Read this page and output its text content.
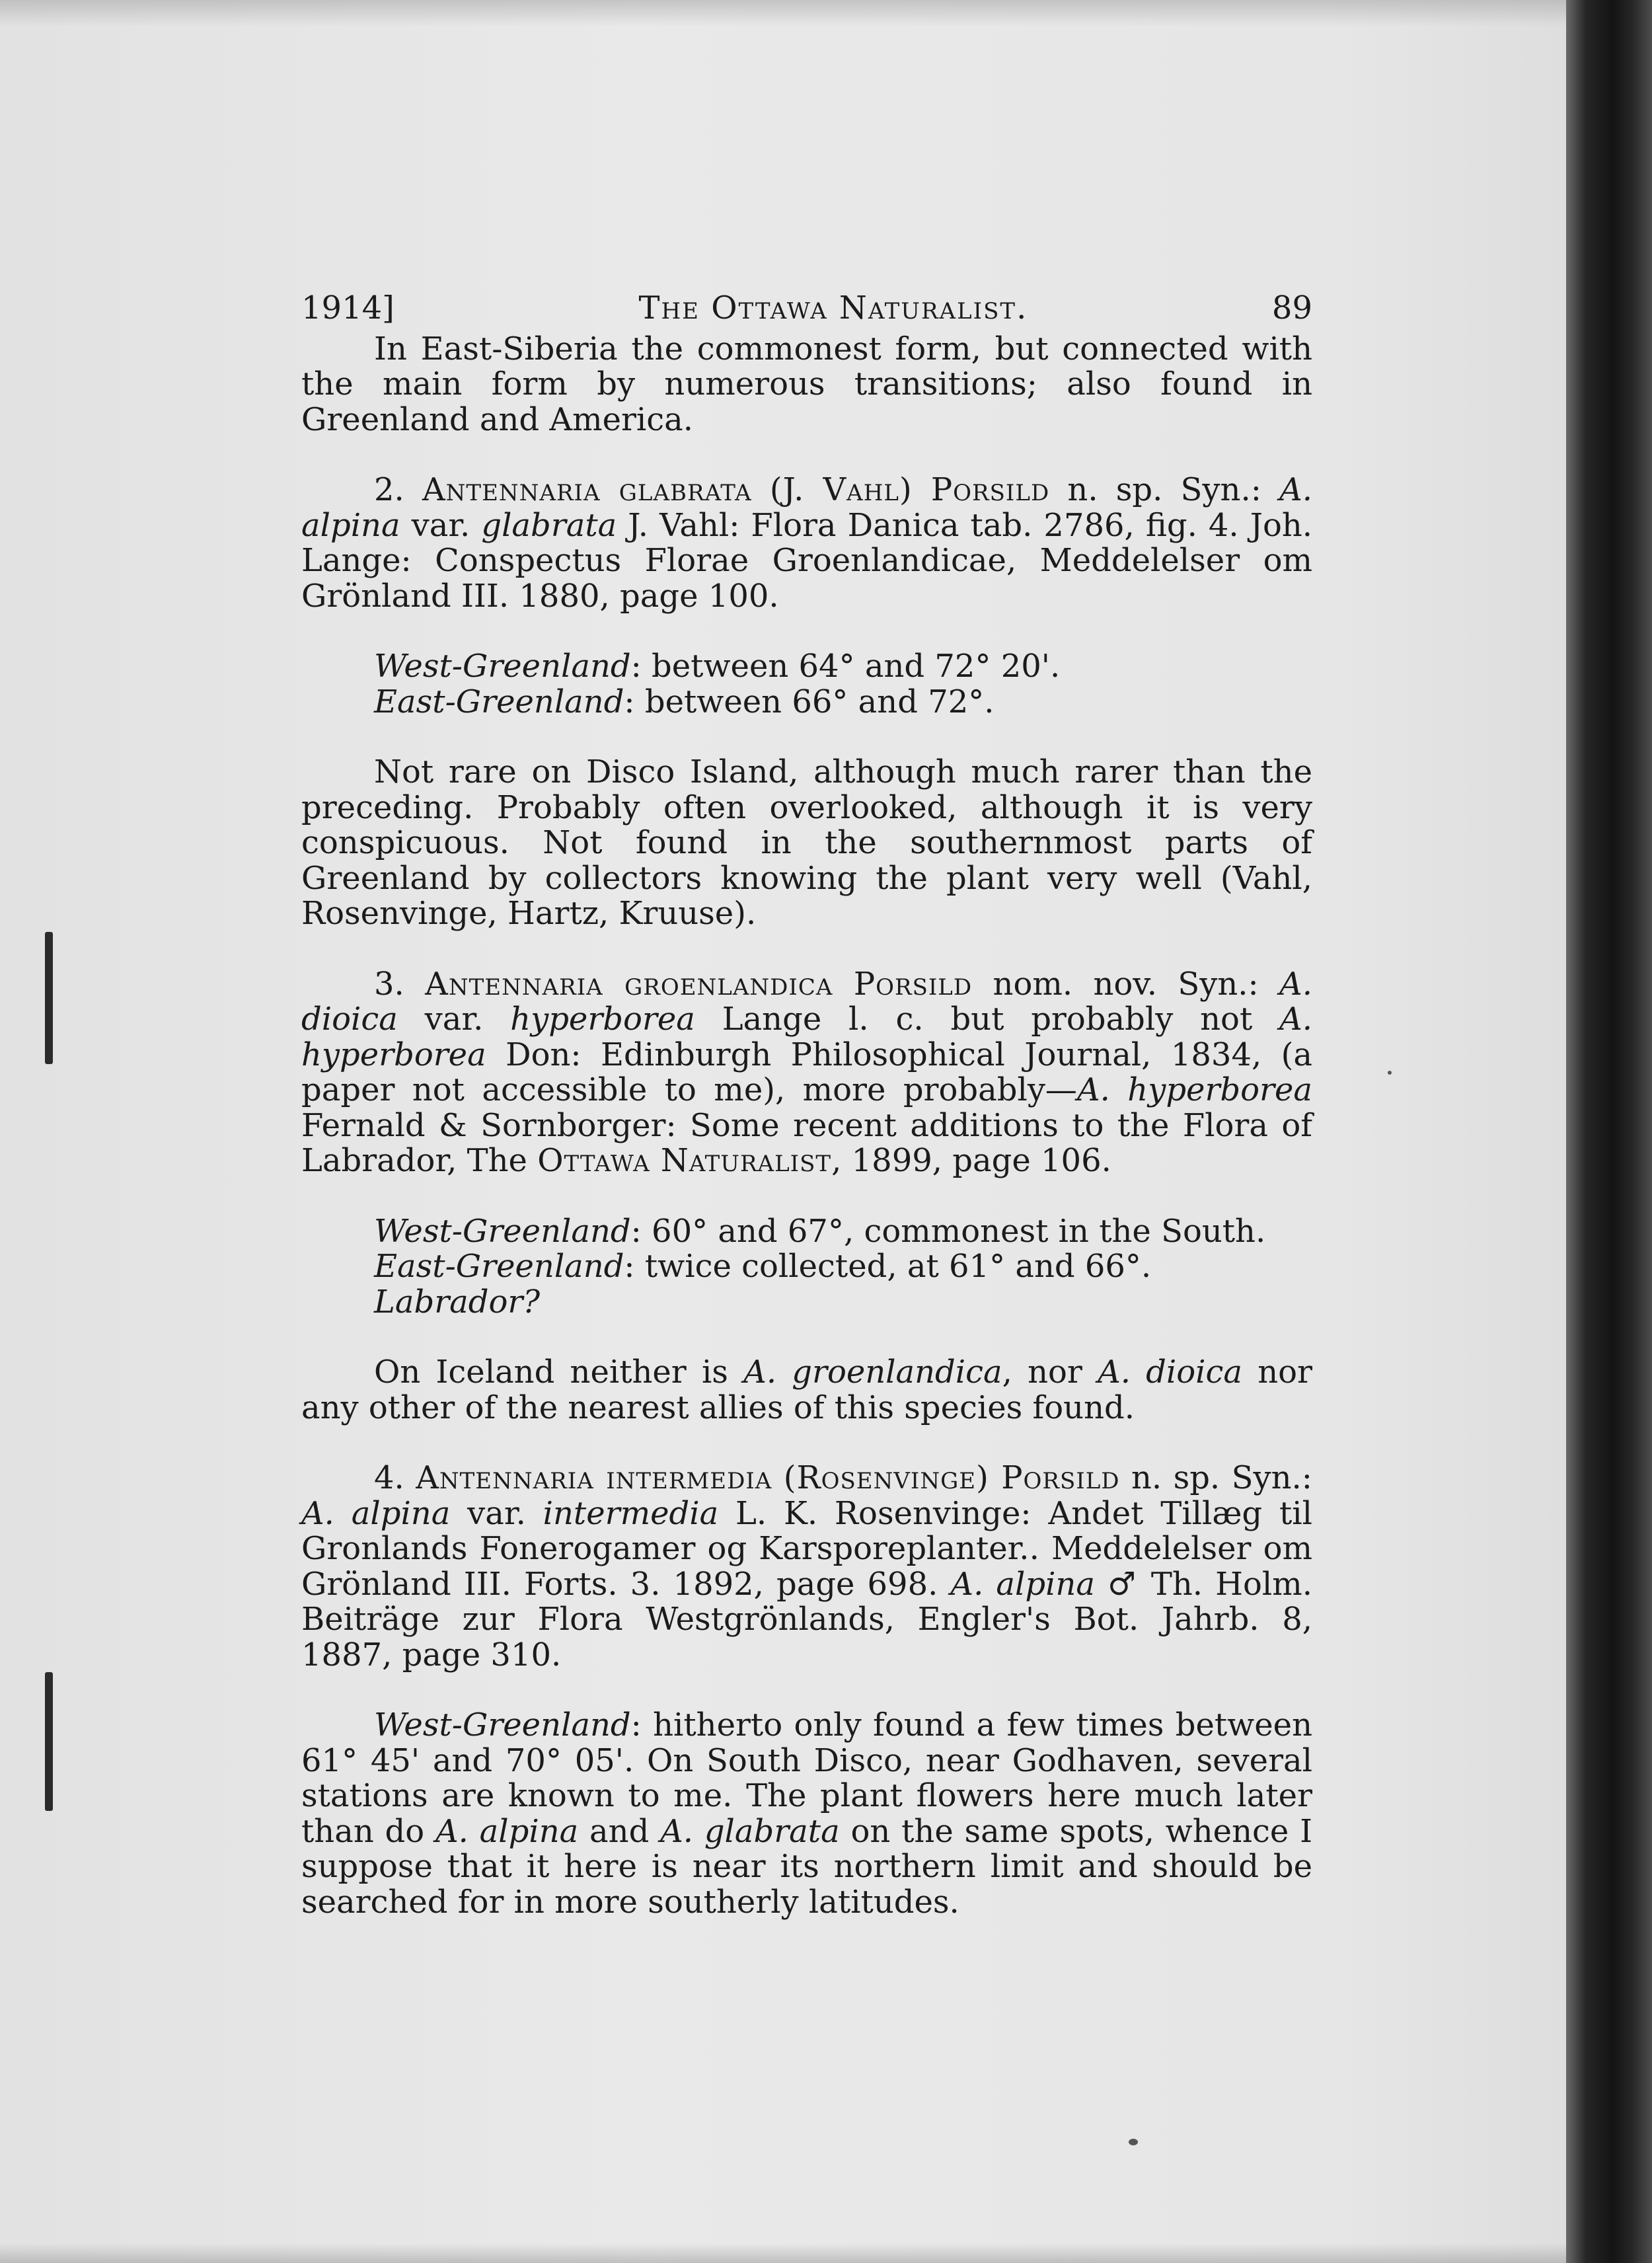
1914]	The Ottawa Naturalist.	89

In East-Siberia the commonest form, but connected with the main form by numerous transitions; also found in Greenland and America.

2. Antennaria glabrata (J. Vahl) Porsild n. sp. Syn.: A. alpina var. glabrata J. Vahl: Flora Danica tab. 2786, fig. 4. Joh. Lange: Conspectus Florae Groenlandicae, Meddelelser om Grönland III. 1880, page 100.

West-Greenland: between 64° and 72° 20'.
East-Greenland: between 66° and 72°.

Not rare on Disco Island, although much rarer than the preceding. Probably often overlooked, although it is very conspicuous. Not found in the southernmost parts of Greenland by collectors knowing the plant very well (Vahl, Rosenvinge, Hartz, Kruuse).

3. Antennaria groenlandica Porsild nom. nov. Syn.: A. dioica var. hyperborea Lange l. c. but probably not A. hyperborea Don: Edinburgh Philosophical Journal, 1834, (a paper not accessible to me), more probably—A. hyperborea Fernald & Sornborger: Some recent additions to the Flora of Labrador, The Ottawa Naturalist, 1899, page 106.

West-Greenland: 60° and 67°, commonest in the South.
East-Greenland: twice collected, at 61° and 66°.
Labrador?

On Iceland neither is A. groenlandica, nor A. dioica nor any other of the nearest allies of this species found.

4. Antennaria intermedia (Rosenvinge) Porsild n. sp. Syn.: A. alpina var. intermedia L. K. Rosenvinge: Andet Tillæg til Gronlands Fonerogamer og Karsporeplanter.. Meddelelser om Grönland III. Forts. 3. 1892, page 698. A. alpina ♂ Th. Holm. Beiträge zur Flora Westgrönlands, Engler's Bot. Jahrb. 8, 1887, page 310.

West-Greenland: hitherto only found a few times between 61° 45' and 70° 05'. On South Disco, near Godhaven, several stations are known to me. The plant flowers here much later than do A. alpina and A. glabrata on the same spots, whence I suppose that it here is near its northern limit and should be searched for in more southerly latitudes.
